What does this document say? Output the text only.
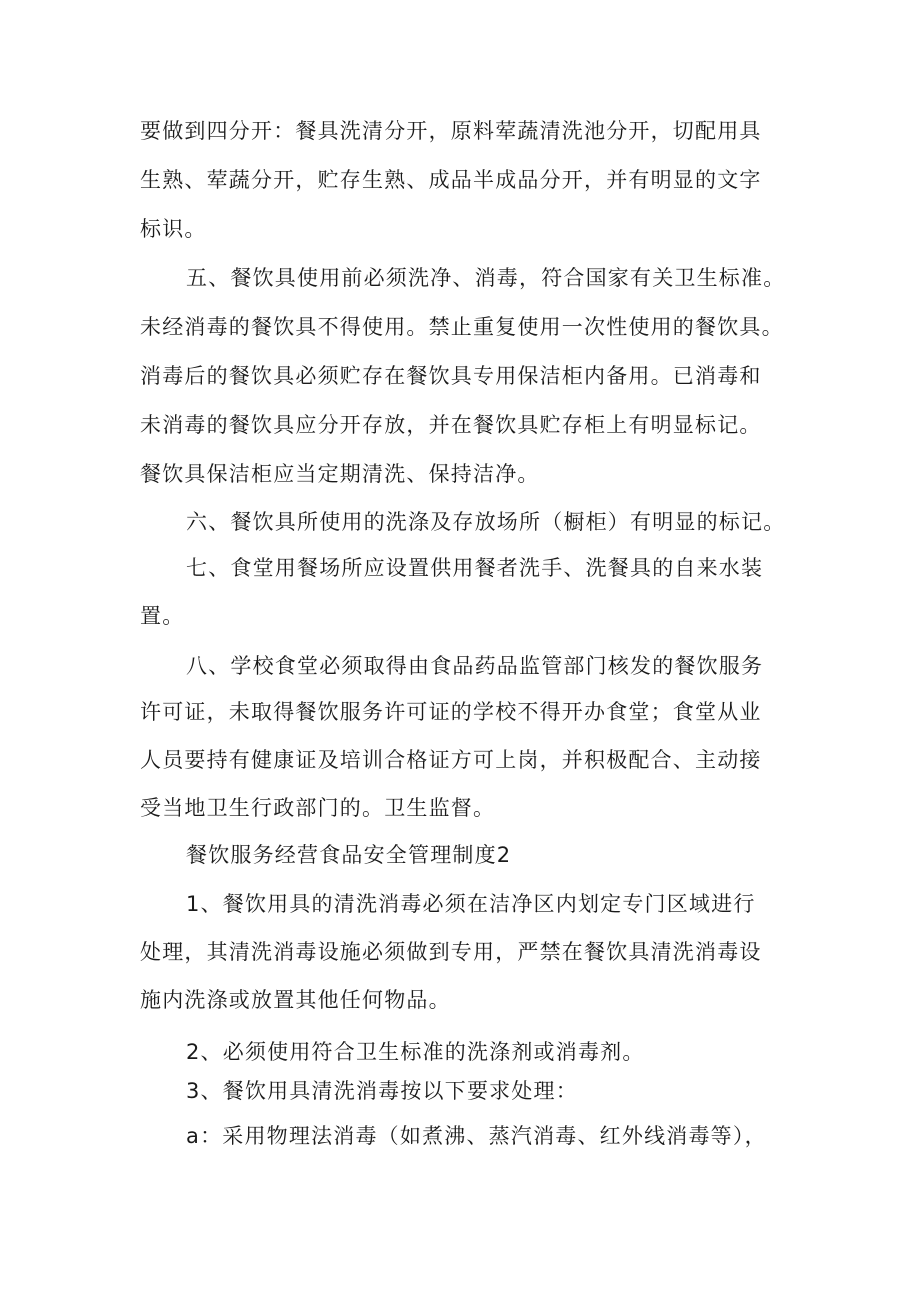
要做到四分开：餐具洗清分开，原料荤蔬清洗池分开，切配用具
生熟、荤蔬分开，贮存生熟、成品半成品分开，并有明显的文字
标识。
五、餐饮具使用前必须洗净、消毒，符合国家有关卫生标准。
未经消毒的餐饮具不得使用。禁止重复使用一次性使用的餐饮具。
消毒后的餐饮具必须贮存在餐饮具专用保洁柜内备用。已消毒和
未消毒的餐饮具应分开存放，并在餐饮具贮存柜上有明显标记。
餐饮具保洁柜应当定期清洗、保持洁净。
六、餐饮具所使用的洗涤及存放场所（橱柜）有明显的标记。
七、食堂用餐场所应设置供用餐者洗手、洗餐具的自来水装
置。
八、学校食堂必须取得由食品药品监管部门核发的餐饮服务
许可证，未取得餐饮服务许可证的学校不得开办食堂；食堂从业
人员要持有健康证及培训合格证方可上岗，并积极配合、主动接
受当地卫生行政部门的。卫生监督。
餐饮服务经营食品安全管理制度2
1、餐饮用具的清洗消毒必须在洁净区内划定专门区域进行
处理，其清洗消毒设施必须做到专用，严禁在餐饮具清洗消毒设
施内洗涤或放置其他任何物品。
2、必须使用符合卫生标准的洗涤剂或消毒剂。
3、餐饮用具清洗消毒按以下要求处理：
a：采用物理法消毒（如煮沸、蒸汽消毒、红外线消毒等），
